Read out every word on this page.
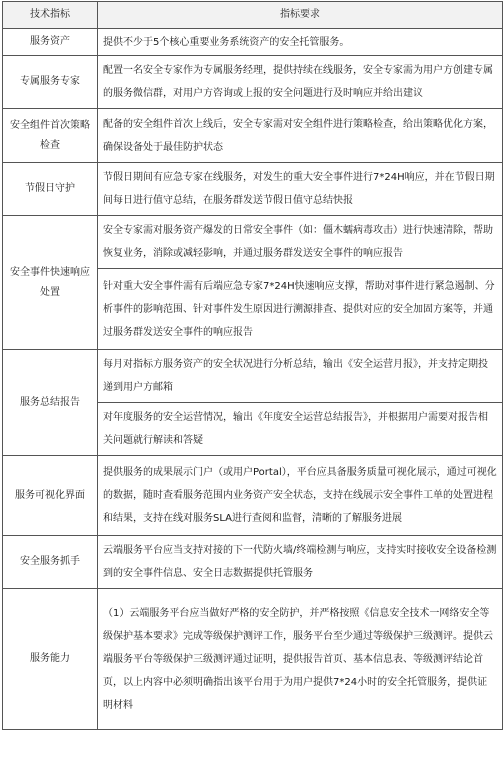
技术指标	指标要求
服务资产	提供不少于5个核心重要业务系统资产的安全托管服务。
专属服务专家	配置一名安全专家作为专属服务经理，提供持续在线服务，安全专家需为用户方创建专属的服务微信群，对用户方咨询或上报的安全问题进行及时响应并给出建议
安全组件首次策略检查	配备的安全组件首次上线后，安全专家需对安全组件进行策略检查，给出策略优化方案，确保设备处于最佳防护状态
节假日守护	节假日期间有应急专家在线服务，对发生的重大安全事件进行7*24H响应，并在节假日期间每日进行值守总结，在服务群发送节假日值守总结快报
安全事件快速响应处置	安全专家需对服务资产爆发的日常安全事件（如：僵木蠕病毒攻击）进行快速清除，帮助恢复业务，消除或减轻影响，并通过服务群发送安全事件的响应报告
	针对重大安全事件需有后端应急专家7*24H快速响应支撑，帮助对事件进行紧急遏制、分析事件的影响范围、针对事件发生原因进行溯源排查、提供对应的安全加固方案等，并通过服务群发送安全事件的响应报告
服务总结报告	每月对指标方服务资产的安全状况进行分析总结，输出《安全运营月报》，并支持定期投递到用户方邮箱
	对年度服务的安全运营情况，输出《年度安全运营总结报告》，并根据用户需要对报告相关问题就行解读和答疑
服务可视化界面	提供服务的成果展示门户（或用户Portal），平台应具备服务质量可视化展示，通过可视化的数据，随时查看服务范围内业务资产安全状态，支持在线展示安全事件工单的处置进程和结果，支持在线对服务SLA进行查阅和监督，清晰的了解服务进展
安全服务抓手	云端服务平台应当支持对接的下一代防火墙/终端检测与响应，支持实时接收安全设备检测到的安全事件信息、安全日志数据提供托管服务
服务能力	（1）云端服务平台应当做好严格的安全防护，并严格按照《信息安全技术一网络安全等级保护基本要求》完成等级保护测评工作，服务平台至少通过等级保护三级测评。提供云端服务平台等级保护三级测评通过证明，提供报告首页、基本信息表、等级测评结论首页，以上内容中必须明确指出该平台用于为用户提供7*24小时的安全托管服务，提供证明材料
